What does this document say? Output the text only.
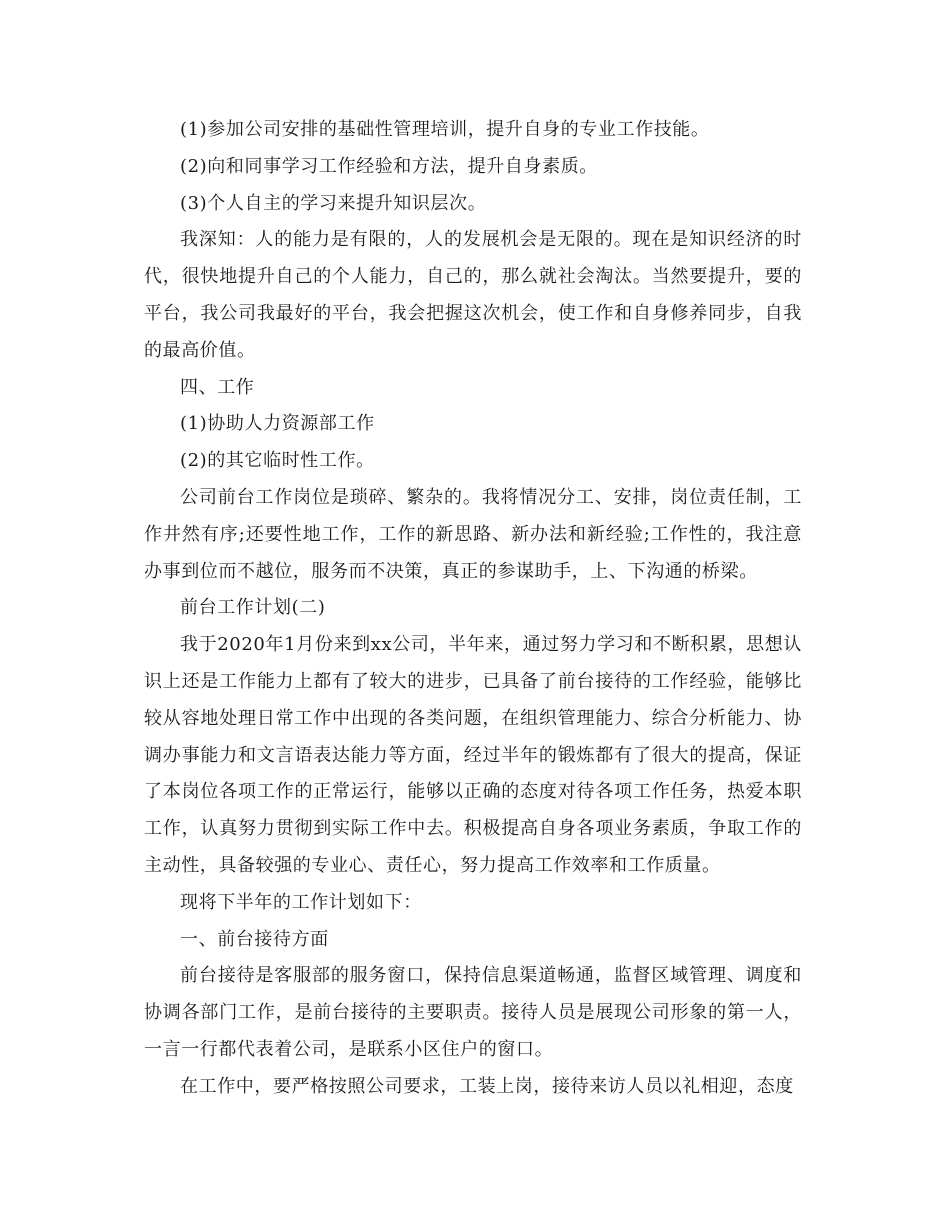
(1)参加公司安排的基础性管理培训，提升自身的专业工作技能。

(2)向和同事学习工作经验和方法，提升自身素质。

(3)个人自主的学习来提升知识层次。

我深知：人的能力是有限的，人的发展机会是无限的。现在是知识经济的时代，很快地提升自己的个人能力，自己的，那么就社会淘汰。当然要提升，要的平台，我公司我最好的平台，我会把握这次机会，使工作和自身修养同步，自我的最高价值。

四、工作

(1)协助人力资源部工作

(2)的其它临时性工作。

公司前台工作岗位是琐碎、繁杂的。我将情况分工、安排，岗位责任制，工作井然有序;还要性地工作，工作的新思路、新办法和新经验;工作性的，我注意办事到位而不越位，服务而不决策，真正的参谋助手，上、下沟通的桥梁。

前台工作计划(二)

我于2020年1月份来到xx公司，半年来，通过努力学习和不断积累，思想认识上还是工作能力上都有了较大的进步，已具备了前台接待的工作经验，能够比较从容地处理日常工作中出现的各类问题，在组织管理能力、综合分析能力、协调办事能力和文言语表达能力等方面，经过半年的锻炼都有了很大的提高，保证了本岗位各项工作的正常运行，能够以正确的态度对待各项工作任务，热爱本职工作，认真努力贯彻到实际工作中去。积极提高自身各项业务素质，争取工作的主动性，具备较强的专业心、责任心，努力提高工作效率和工作质量。

现将下半年的工作计划如下：

一、前台接待方面

前台接待是客服部的服务窗口，保持信息渠道畅通，监督区域管理、调度和协调各部门工作，是前台接待的主要职责。接待人员是展现公司形象的第一人，一言一行都代表着公司，是联系小区住户的窗口。

在工作中，要严格按照公司要求，工装上岗，接待来访人员以礼相迎，态度
